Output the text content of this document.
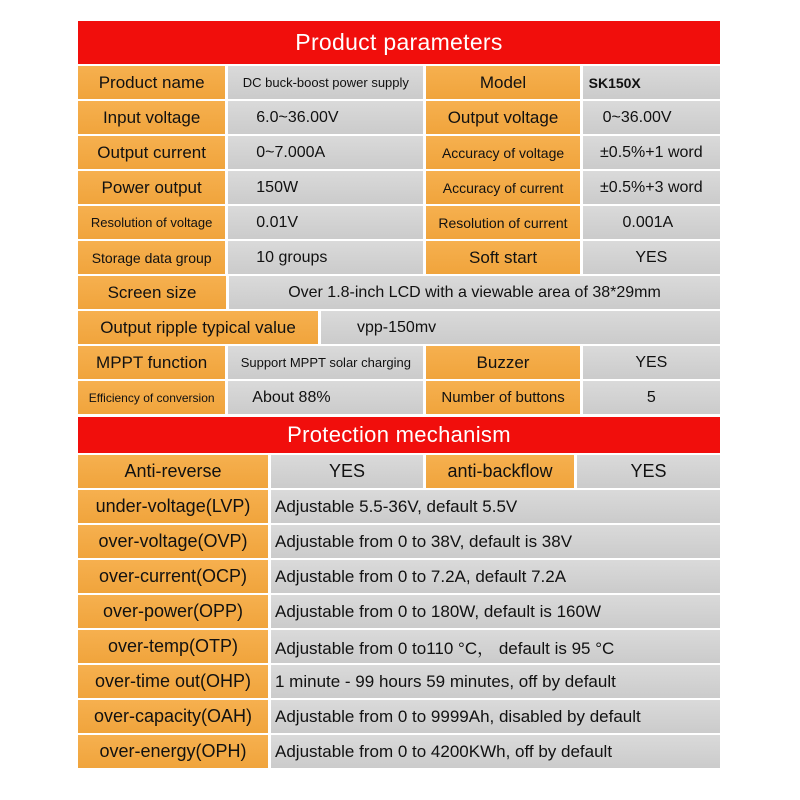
Product parameters
Product name	DC buck-boost power supply	Model	SK150X
Input voltage	6.0~36.00V	Output voltage	0~36.00V
Output current	0~7.000A	Accuracy of voltage	±0.5%+1 word
Power output	150W	Accuracy of current	±0.5%+3 word
Resolution of voltage	0.01V	Resolution of current	0.001A
Storage data group	10 groups	Soft start	YES
Screen size	Over 1.8-inch LCD with a viewable area of 38*29mm
Output ripple typical value	vpp-150mv
MPPT function	Support MPPT solar charging	Buzzer	YES
Efficiency of conversion	About 88%	Number of buttons	5
Protection mechanism
Anti-reverse	YES	anti-backflow	YES
under-voltage(LVP)	Adjustable 5.5-36V, default 5.5V
over-voltage(OVP)	Adjustable from 0 to 38V, default is 38V
over-current(OCP)	Adjustable from 0 to 7.2A, default 7.2A
over-power(OPP)	Adjustable from 0 to 180W, default is 160W
over-temp(OTP)	Adjustable from 0 to110 °C， default is 95 °C
over-time out(OHP)	1 minute - 99 hours 59 minutes, off by default
over-capacity(OAH)	Adjustable from 0 to 9999Ah, disabled by default
over-energy(OPH)	Adjustable from 0 to 4200KWh, off by default
